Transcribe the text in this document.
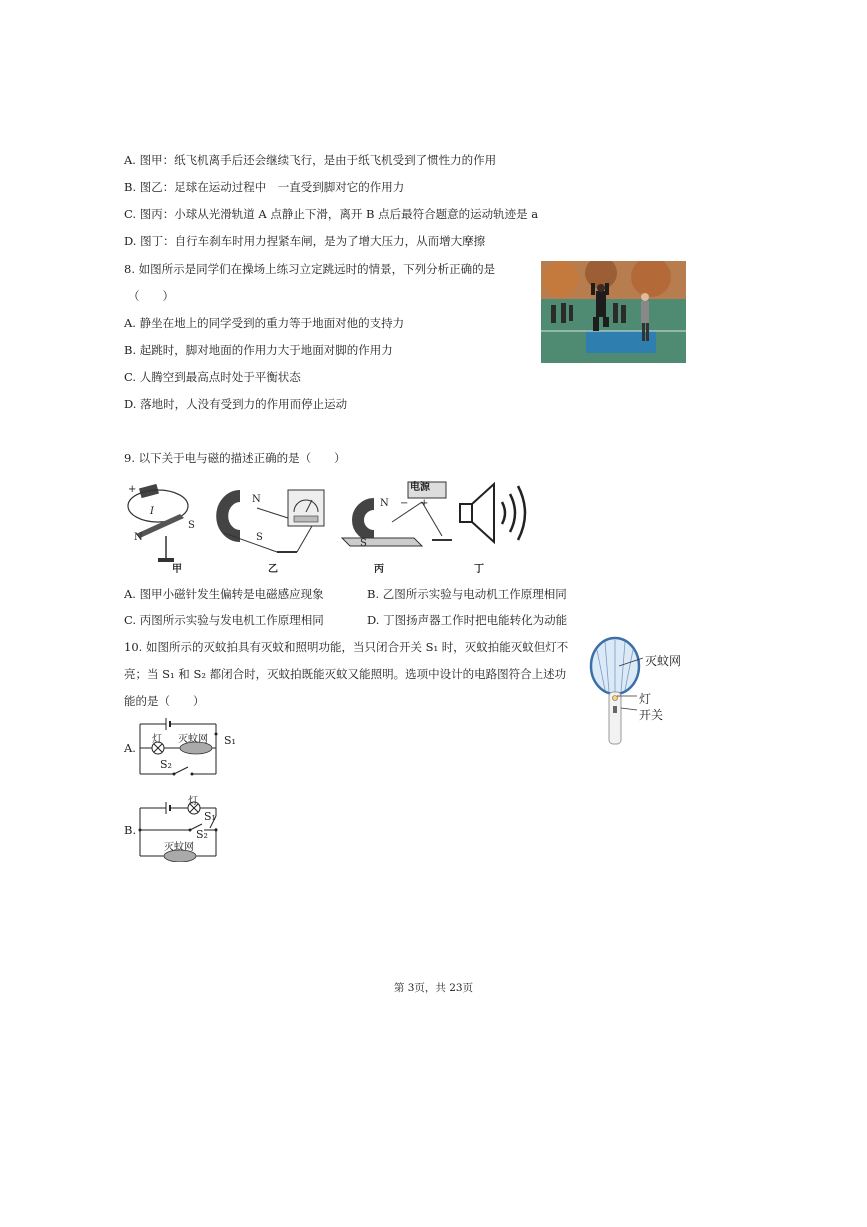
A. 图甲：纸飞机离手后还会继续飞行，是由于纸飞机受到了惯性力的作用
B. 图乙：足球在运动过程中　一直受到脚对它的作用力
C. 图丙：小球从光滑轨道 A 点静止下滑，离开 B 点后最符合题意的运动轨迹是 a
D. 图丁：自行车刹车时用力捏紧车闸，是为了增大压力，从而增大摩擦
8. 如图所示是同学们在操场上练习立定跳远时的情景，下列分析正确的是
（　　）
A. 静坐在地上的同学受到的重力等于地面对他的支持力
B. 起跳时，脚对地面的作用力大于地面对脚的作用力
C. 人腾空到最高点时处于平衡状态
D. 落地时，人没有受到力的作用而停止运动
9. 以下关于电与磁的描述正确的是（　　）
+
I
N
S
甲
N
S
乙
电源
− +
N
S
丙	丁
A. 图甲小磁针发生偏转是电磁感应现象	B. 乙图所示实验与电动机工作原理相同
C. 丙图所示实验与发电机工作原理相同	D. 丁图扬声器工作时把电能转化为动能
10. 如图所示的灭蚊拍具有灭蚊和照明功能，当只闭合开关 S₁ 时，灭蚊拍能灭蚊但灯不
亮；当 S₁ 和 S₂ 都闭合时，灭蚊拍既能灭蚊又能照明。选项中设计的电路图符合上述功
能的是（　　）
灭蚊网
灯
开关
A.
灯 灭蚊网 S₁
S₂
B.
灯
S₁
S₂
灭蚊网
第 3页，共 23页
